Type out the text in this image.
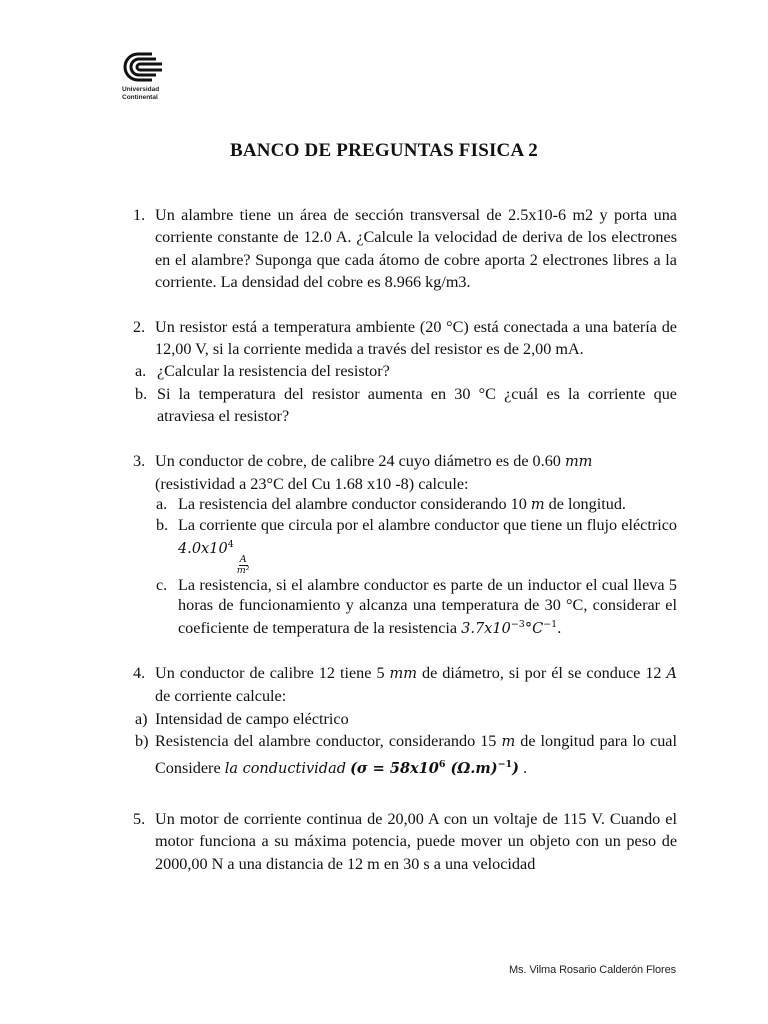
Universidad
Continental
BANCO DE PREGUNTAS FISICA 2
1. Un alambre tiene un área de sección transversal de 2.5x10-6 m2 y porta una corriente constante de 12.0 A. ¿Calcule la velocidad de deriva de los electrones en el alambre? Suponga que cada átomo de cobre aporta 2 electrones libres a la corriente. La densidad del cobre es 8.966 kg/m3.

2. Un resistor está a temperatura ambiente (20 °C) está conectada a una batería de 12,00 V, si la corriente medida a través del resistor es de 2,00 mA.

a. ¿Calcular la resistencia del resistor?
b. Si la temperatura del resistor aumenta en 30 °C ¿cuál es la corriente que atraviesa el resistor?
3. Un conductor de cobre, de calibre 24 cuyo diámetro es de 0.60 mm

(resistividad a 23°C del Cu 1.68 x10 -8) calcule:

a. La resistencia del alambre conductor considerando 10 m de longitud.
b. La corriente que circula por el alambre conductor que tiene un flujo eléctrico $4.0x10^4$
$\frac{A}{\text{m²}}$
c. La resistencia, si el alambre conductor es parte de un inductor el cual lleva 5 horas de funcionamiento y alcanza una temperatura de 30 °C, considerar el coeficiente de temperatura de la resistencia $3.7x10^{-3}^\circ C^{-1}$.
4. Un conductor de calibre 12 tiene 5 mm de diámetro, si por él se conduce 12 A de corriente calcule:

a) Intensidad de campo eléctrico
b) Resistencia del alambre conductor, considerando 15 m de longitud para lo cual Considere la conductividad ($\sigma = 58x10^6$ $(\Omega.m)^{-1}$) .
5. Un motor de corriente continua de 20,00 A con un voltaje de 115 V. Cuando el motor funciona a su máxima potencia, puede mover un objeto con un peso de 2000,00 N a una distancia de 12 m en 30 s a una velocidad

Ms. Vilma Rosario Calderón Flores
